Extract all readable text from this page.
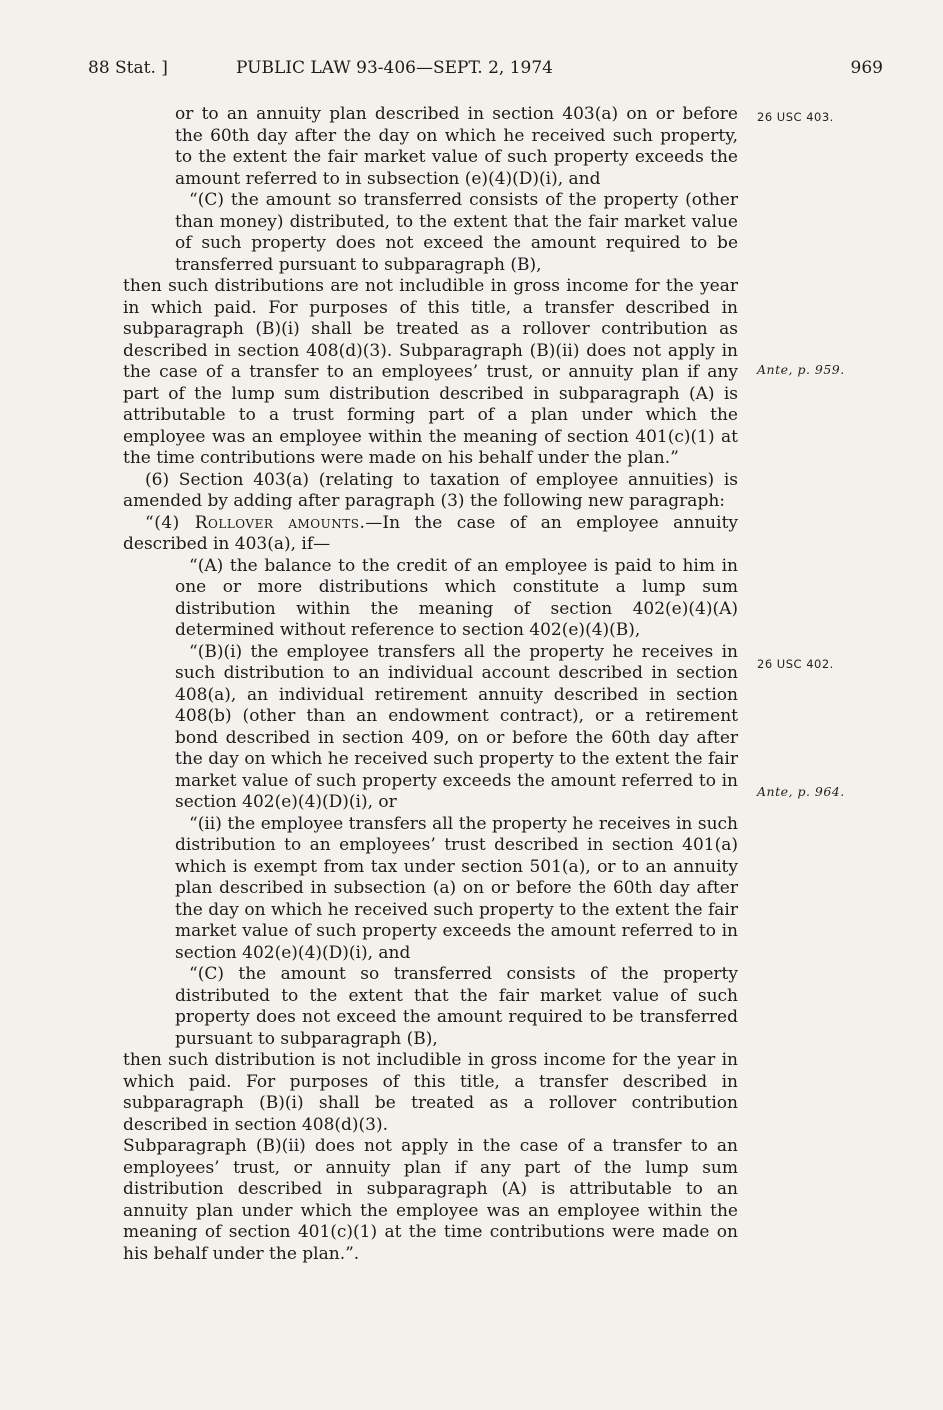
88 Stat. ]	PUBLIC LAW 93-406—SEPT. 2, 1974	969
26 USC 403.
Ante, p. 959.
26 USC 402.
Ante, p. 964.

or to an annuity plan described in section 403(a) on or before the 60th day after the day on which he received such property, to the extent the fair market value of such property exceeds the amount referred to in subsection (e)(4)(D)(i), and

“(C) the amount so transferred consists of the property (other than money) distributed, to the extent that the fair market value of such property does not exceed the amount required to be transferred pursuant to subparagraph (B),

then such distributions are not includible in gross income for the year in which paid. For purposes of this title, a transfer described in subparagraph (B)(i) shall be treated as a rollover contribution as described in section 408(d)(3). Subparagraph (B)(ii) does not apply in the case of a transfer to an employees’ trust, or annuity plan if any part of the lump sum distribution described in subparagraph (A) is attributable to a trust forming part of a plan under which the employee was an employee within the meaning of section 401(c)(1) at the time contributions were made on his behalf under the plan.”

(6) Section 403(a) (relating to taxation of employee annuities) is amended by adding after paragraph (3) the following new paragraph:

“(4) Rollover amounts.—In the case of an employee annuity described in 403(a), if—

“(A) the balance to the credit of an employee is paid to him in one or more distributions which constitute a lump sum distribution within the meaning of section 402(e)(4)(A) determined without reference to section 402(e)(4)(B),

“(B)(i) the employee transfers all the property he receives in such distribution to an individual account described in section 408(a), an individual retirement annuity described in section 408(b) (other than an endowment contract), or a retirement bond described in section 409, on or before the 60th day after the day on which he received such property to the extent the fair market value of such property exceeds the amount referred to in section 402(e)(4)(D)(i), or

“(ii) the employee transfers all the property he receives in such distribution to an employees’ trust described in section 401(a) which is exempt from tax under section 501(a), or to an annuity plan described in subsection (a) on or before the 60th day after the day on which he received such property to the extent the fair market value of such property exceeds the amount referred to in section 402(e)(4)(D)(i), and

“(C) the amount so transferred consists of the property distributed to the extent that the fair market value of such property does not exceed the amount required to be transferred pursuant to subparagraph (B),

then such distribution is not includible in gross income for the year in which paid. For purposes of this title, a transfer described in subparagraph (B)(i) shall be treated as a rollover contribution described in section 408(d)(3).

Subparagraph (B)(ii) does not apply in the case of a transfer to an employees’ trust, or annuity plan if any part of the lump sum distribution described in subparagraph (A) is attributable to an annuity plan under which the employee was an employee within the meaning of section 401(c)(1) at the time contributions were made on his behalf under the plan.”.
